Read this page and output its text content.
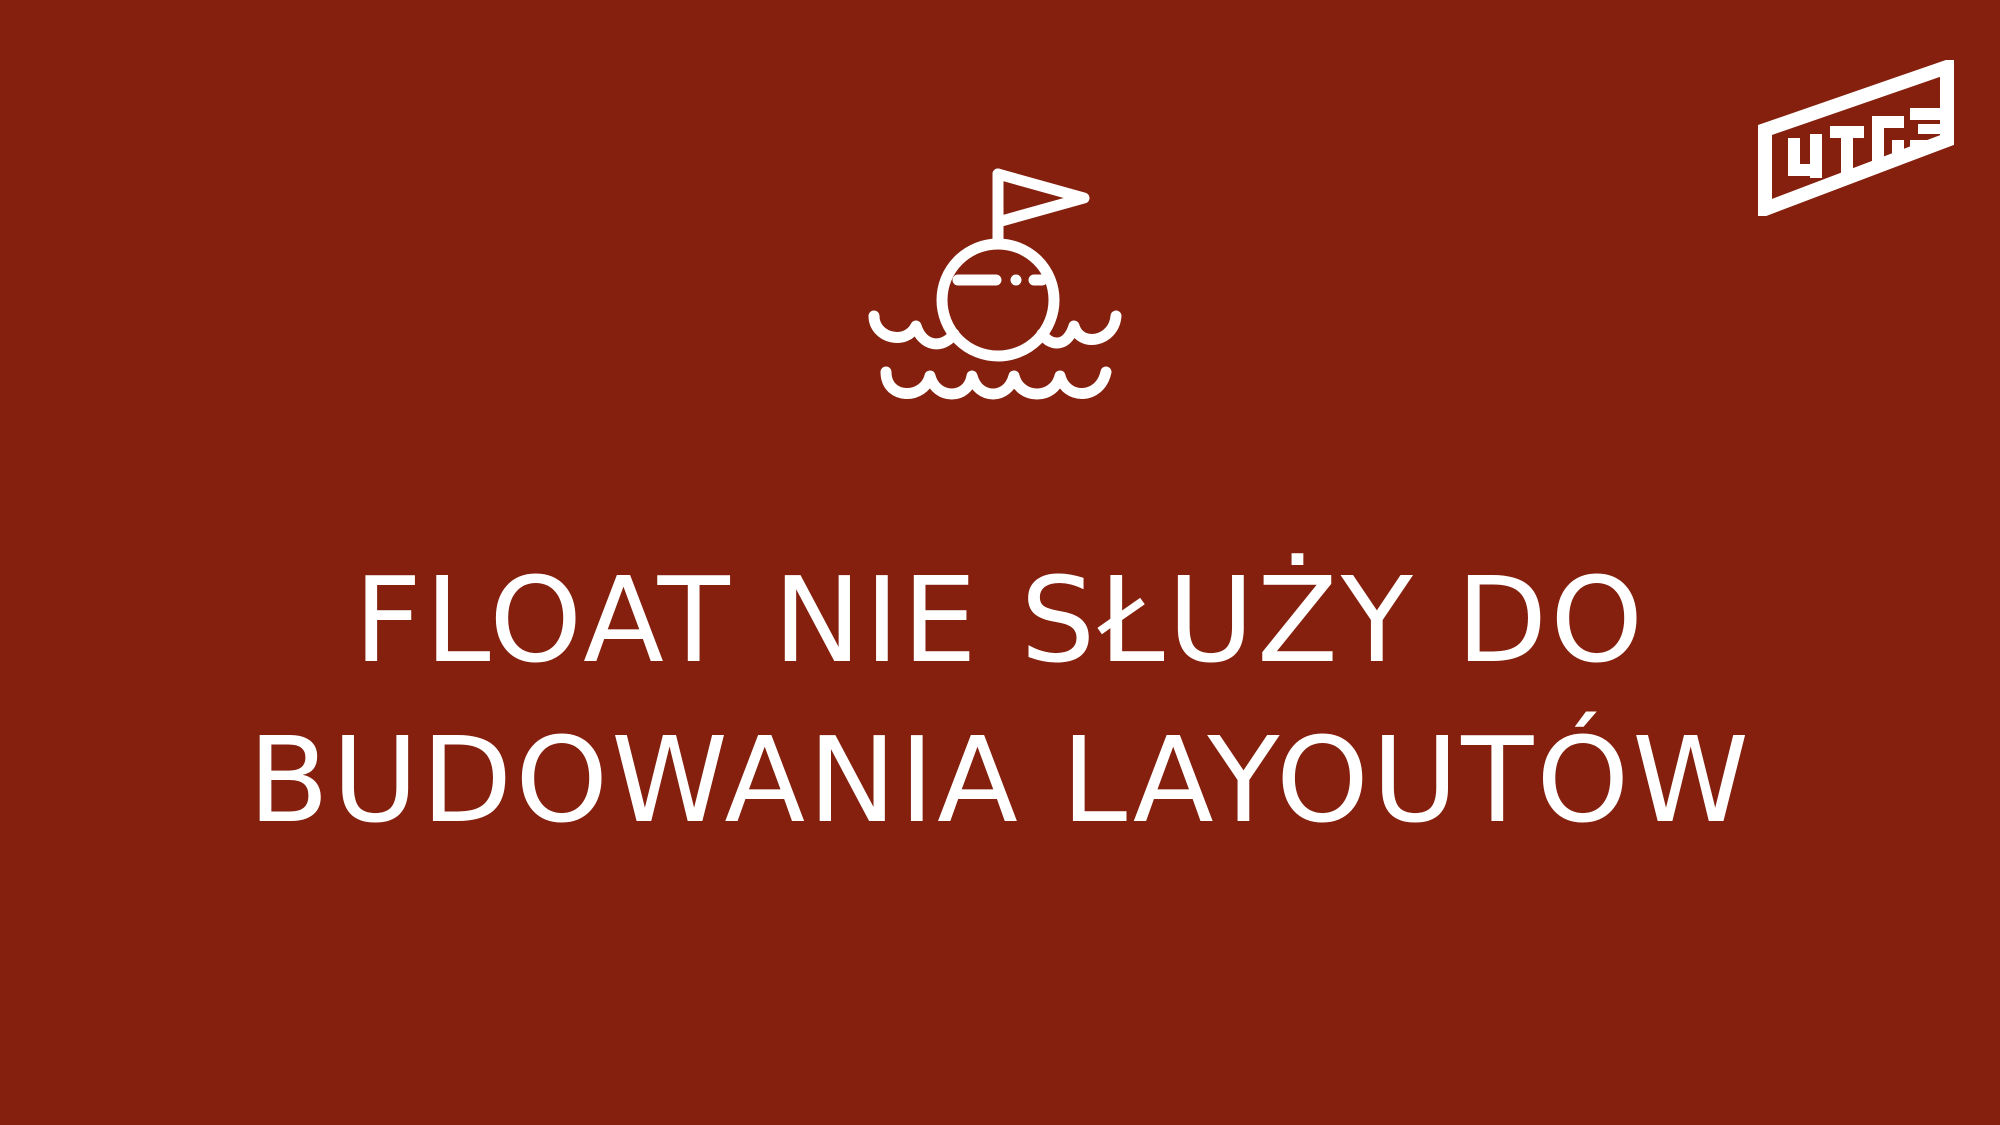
FLOAT NIE SŁUŻY DO
BUDOWANIA LAYOUTÓW
